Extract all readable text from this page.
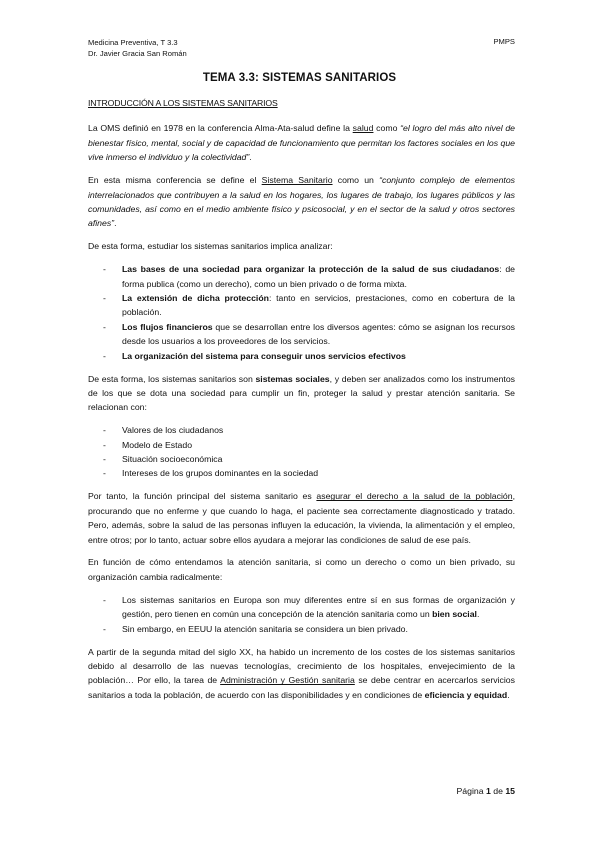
Medicina Preventiva, T 3.3
Dr. Javier Gracia San Román
PMPS
TEMA 3.3: SISTEMAS SANITARIOS
INTRODUCCIÓN A LOS SISTEMAS SANITARIOS

La OMS definió en 1978 en la conferencia Alma-Ata-salud define la salud como “el logro del más alto nivel de bienestar físico, mental, social y de capacidad de funcionamiento que permitan los factores sociales en los que vive inmerso el individuo y la colectividad”.

En esta misma conferencia se define el Sistema Sanitario como un “conjunto complejo de elementos interrelacionados que contribuyen a la salud en los hogares, los lugares de trabajo, los lugares públicos y las comunidades, así como en el medio ambiente físico y psicosocial, y en el sector de la salud y otros sectores afines”.

De esta forma, estudiar los sistemas sanitarios implica analizar:

- Las bases de una sociedad para organizar la protección de la salud de sus ciudadanos: de forma publica (como un derecho), como un bien privado o de forma mixta.
- La extensión de dicha protección: tanto en servicios, prestaciones, como en cobertura de la población.
- Los flujos financieros que se desarrollan entre los diversos agentes: cómo se asignan los recursos desde los usuarios a los proveedores de los servicios.
- La organización del sistema para conseguir unos servicios efectivos

De esta forma, los sistemas sanitarios son sistemas sociales, y deben ser analizados como los instrumentos de los que se dota una sociedad para cumplir un fin, proteger la salud y prestar atención sanitaria. Se relacionan con:

- Valores de los ciudadanos
- Modelo de Estado
- Situación socioeconómica
- Intereses de los grupos dominantes en la sociedad

Por tanto, la función principal del sistema sanitario es asegurar el derecho a la salud de la población, procurando que no enferme y que cuando lo haga, el paciente sea correctamente diagnosticado y tratado. Pero, además, sobre la salud de las personas influyen la educación, la vivienda, la alimentación y el empleo, entre otros; por lo tanto, actuar sobre ellos ayudara a mejorar las condiciones de salud de ese país.

En función de cómo entendamos la atención sanitaria, si como un derecho o como un bien privado, su organización cambia radicalmente:

- Los sistemas sanitarios en Europa son muy diferentes entre sí en sus formas de organización y gestión, pero tienen en común una concepción de la atención sanitaria como un bien social.
- Sin embargo, en EEUU la atención sanitaria se considera un bien privado.

A partir de la segunda mitad del siglo XX, ha habido un incremento de los costes de los sistemas sanitarios debido al desarrollo de las nuevas tecnologías, crecimiento de los hospitales, envejecimiento de la población… Por ello, la tarea de Administración y Gestión sanitaria se debe centrar en acercarlos servicios sanitarios a toda la población, de acuerdo con las disponibilidades y en condiciones de eficiencia y equidad.

Página 1 de 15
